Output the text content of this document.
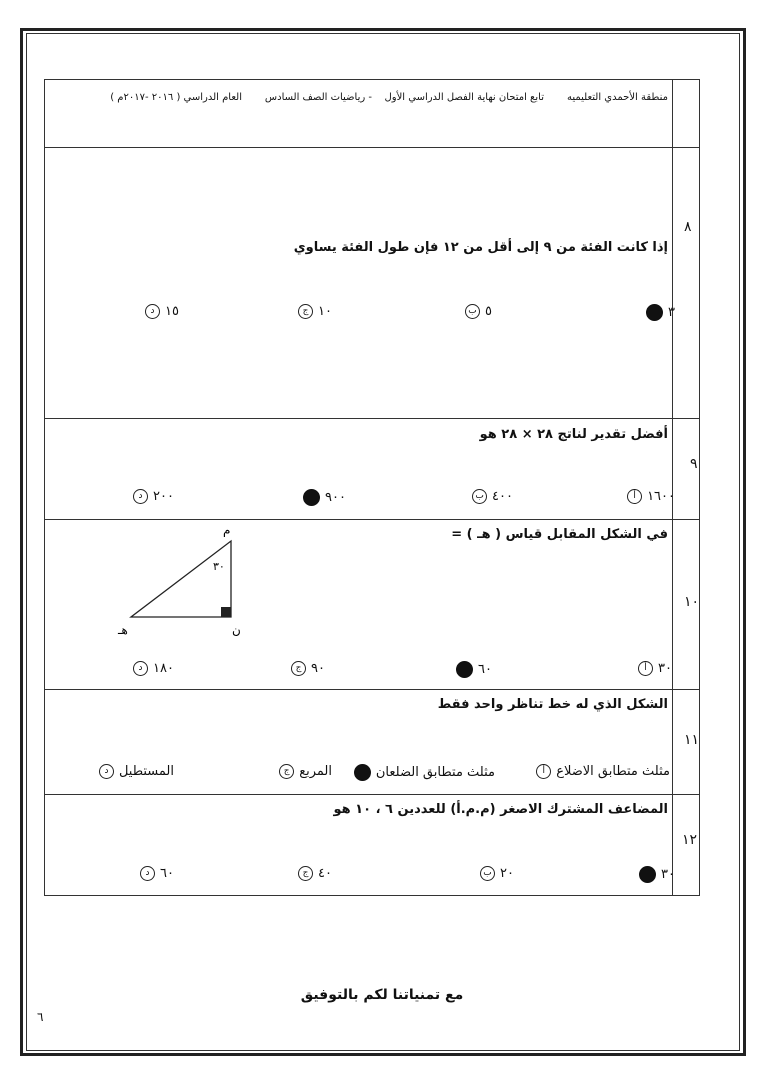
منطقة الأحمدي التعليميه
تابع امتحان نهاية الفصل الدراسي الأول
- رياضيات الصف السادس
العام الدراسي ( ٢٠١٦ -٢٠١٧م )
٨
إذا كانت الفئة من ٩ إلى أقل من ١٢ فإن طول الفئة يساوي
٣
ب ٥
ج ١٠
د ١٥
٩
أفضل تقدير لناتج ٢٨ × ٢٨ هو
أ ١٦٠٠
ب ٤٠٠
٩٠٠
د ٢٠٠
١٠
في الشكل المقابل قياس ( هـ ) =
م
ن
هـ
٣٠
أ ٣٠
٦٠
ج ٩٠
د ١٨٠
١١
الشكل الذي له خط تناظر واحد فقط
أ مثلث متطابق الاضلاع
مثلث متطابق الضلعان
ج المربع
د المستطيل
١٢
المضاعف المشترك الاصغر (م.م.أ) للعددين ٦ ، ١٠ هو
٣٠
ب ٢٠
ج ٤٠
د ٦٠
مع تمنياتنا لكم بالتوفيق
٦
